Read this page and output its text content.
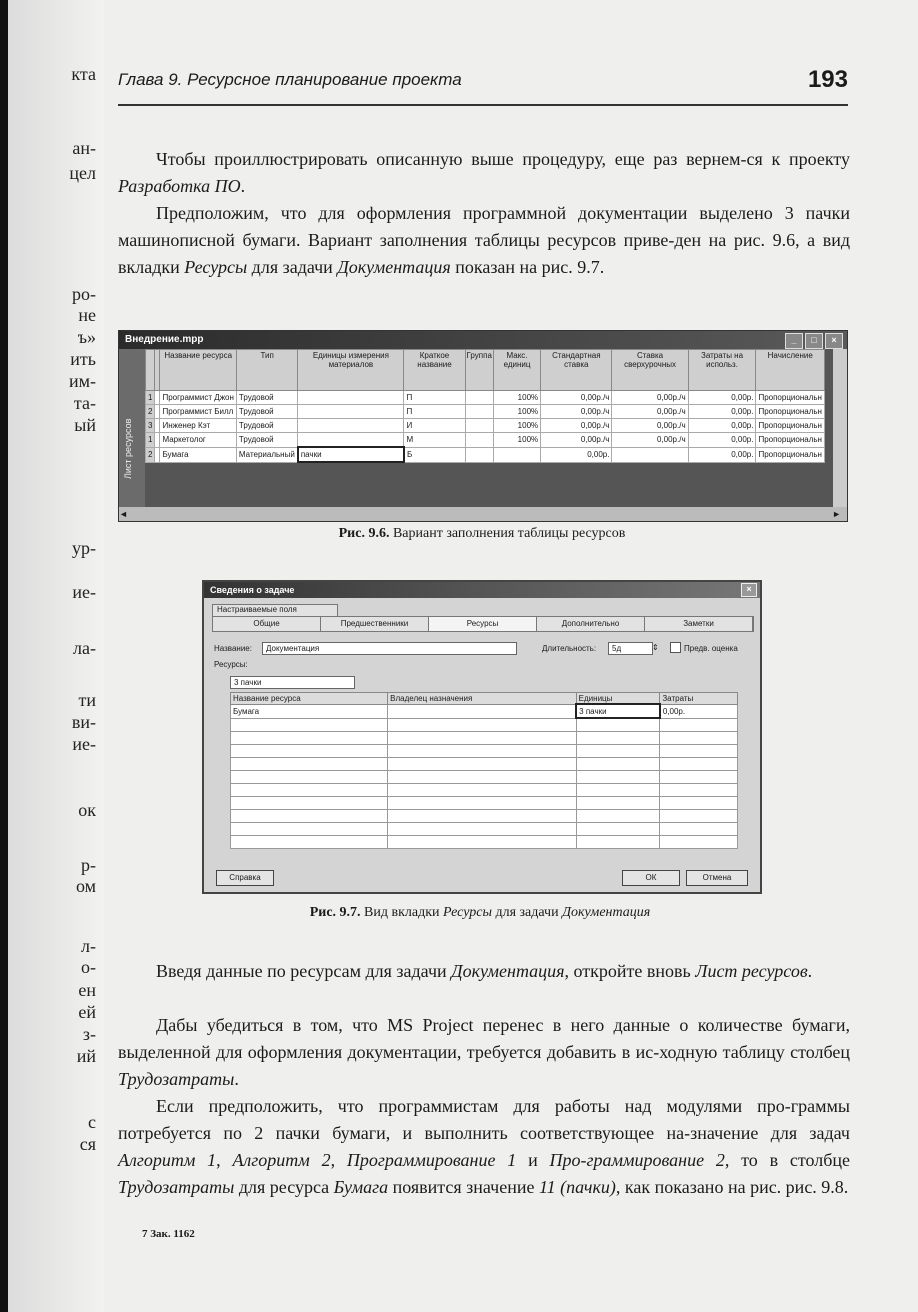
кта
ан-
цел
ро-
не
ъ»
ить
им-
та-
ый
ур-
ие-
ла-
ти
ви-
ие-
ок
р-
ом
л-
о-
ен
ей
з-
ий
с
ся
Глава 9. Ресурсное планирование проекта	193

Чтобы проиллюстрировать описанную выше процедуру, еще раз вернем-ся к проекту Разработка ПО.

Предположим, что для оформления программной документации выделено 3 пачки машинописной бумаги. Вариант заполнения таблицы ресурсов приве-ден на рис. 9.6, а вид вкладки Ресурсы для задачи Документация показан на рис. 9.7.

Внедрение.mpp	_	□	×
Лист ресурсов
		Название ресурса	Тип	Единицы измерения материалов	Краткое название	Группа	Макс. единиц	Стандартная ставка	Ставка сверхурочных	Затраты на использ.	Начисление
1		Программист Джон	Трудовой		П		100%	0,00р./ч	0,00р./ч	0,00р.	Пропорциональн
2		Программист Билл	Трудовой		П		100%	0,00р./ч	0,00р./ч	0,00р.	Пропорциональн
3		Инженер Кэт	Трудовой		И		100%	0,00р./ч	0,00р./ч	0,00р.	Пропорциональн
1		Маркетолог	Трудовой		М		100%	0,00р./ч	0,00р./ч	0,00р.	Пропорциональн
2		Бумага	Материальный	пачки	Б			0,00р.		0,00р.	Пропорциональн
◄	►
Рис. 9.6. Вариант заполнения таблицы ресурсов
Сведения о задаче	×
Настраиваемые поля
Общие	Предшественники	Ресурсы	Дополнительно	Заметки
Название:	Документация	Длительность:	5д	⇕	Предв. оценка
Ресурсы:
3 пачки
Название ресурса	Владелец назначения	Единицы	Затраты
Бумага		3 пачки	0,00р.

Справка	ОК	Отмена
Рис. 9.7. Вид вкладки Ресурсы для задачи Документация

Введя данные по ресурсам для задачи Документация, откройте вновь Лист ресурсов.

Дабы убедиться в том, что MS Project перенес в него данные о количестве бумаги, выделенной для оформления документации, требуется добавить в ис-ходную таблицу столбец Трудозатраты.

Если предположить, что программистам для работы над модулями про-граммы потребуется по 2 пачки бумаги, и выполнить соответствующее на-значение для задач Алгоритм 1, Алгоритм 2, Программирование 1 и Про-граммирование 2, то в столбце Трудозатраты для ресурса Бумага появится значение 11 (пачки), как показано на рис. рис. 9.8.

7 Зак. 1162
